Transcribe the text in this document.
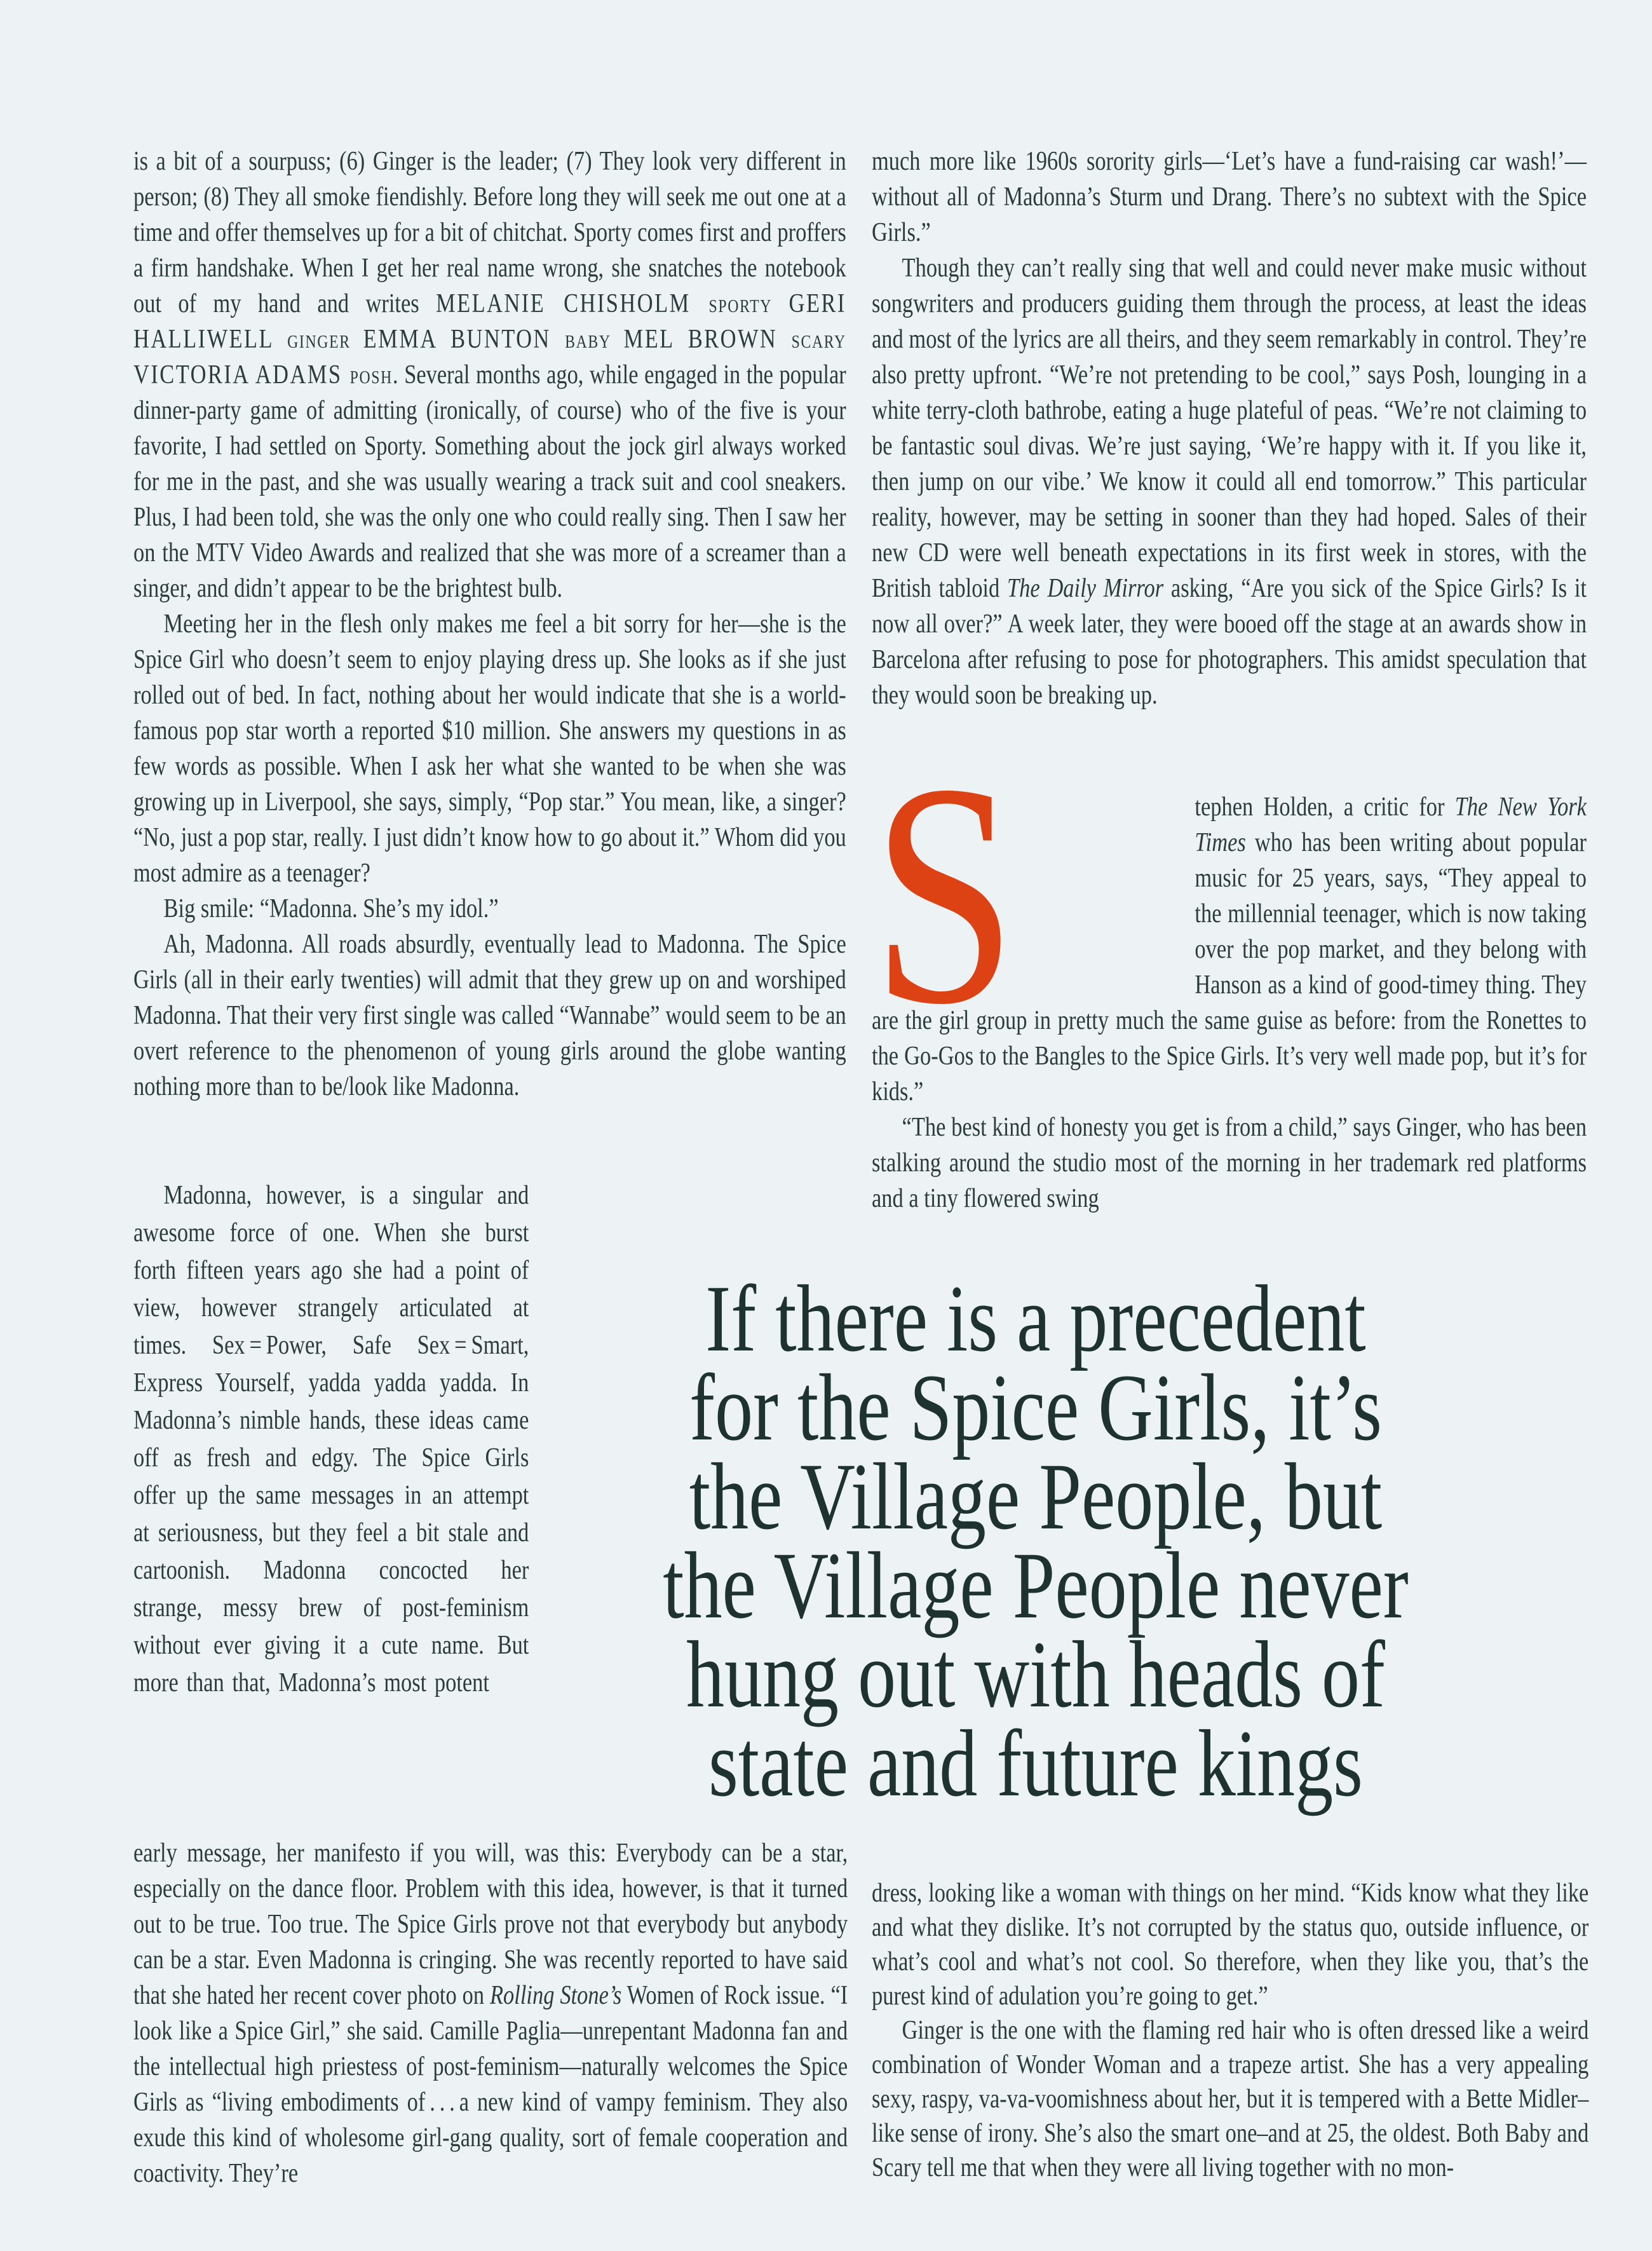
is a bit of a sourpuss; (6) Ginger is the leader; (7) They look very different in person; (8) They all smoke fiendishly. Before long they will seek me out one at a time and offer themselves up for a bit of chitchat. Sporty comes first and proffers a firm handshake. When I get her real name wrong, she snatches the notebook out of my hand and writes MELANIE CHISHOLM sporty GERI HALLIWELL ginger EMMA BUNTON baby MEL BROWN scary VICTORIA ADAMS posh. Several months ago, while engaged in the popular dinner-party game of admitting (ironically, of course) who of the five is your favorite, I had settled on Sporty. Something about the jock girl always worked for me in the past, and she was usually wearing a track suit and cool sneakers. Plus, I had been told, she was the only one who could really sing. Then I saw her on the MTV Video Awards and realized that she was more of a screamer than a singer, and didn’t appear to be the brightest bulb.

Meeting her in the flesh only makes me feel a bit sorry for her—she is the Spice Girl who doesn’t seem to enjoy playing dress up. She looks as if she just rolled out of bed. In fact, nothing about her would indicate that she is a world-famous pop star worth a reported $10 million. She answers my questions in as few words as possible. When I ask her what she wanted to be when she was growing up in Liverpool, she says, simply, “Pop star.” You mean, like, a singer? “No, just a pop star, really. I just didn’t know how to go about it.” Whom did you most admire as a teenager?

Big smile: “Madonna. She’s my idol.”

Ah, Madonna. All roads absurdly, eventually lead to Madonna. The Spice Girls (all in their early twenties) will admit that they grew up on and worshiped Madonna. That their very first single was called “Wannabe” would seem to be an overt reference to the phenomenon of young girls around the globe wanting nothing more than to be/look like Madonna.

Madonna, however, is a singular and awesome force of one. When she burst forth fifteen years ago she had a point of view, however strangely articulated at times. Sex = Power, Safe Sex = Smart, Express Yourself, yadda yadda yadda. In Madonna’s nimble hands, these ideas came off as fresh and edgy. The Spice Girls offer up the same messages in an attempt at seriousness, but they feel a bit stale and cartoonish. Madonna concocted her strange, messy brew of post-feminism without ever giving it a cute name. But more than that, Madonna’s most potent

early message, her manifesto if you will, was this: Everybody can be a star, especially on the dance floor. Problem with this idea, however, is that it turned out to be true. Too true. The Spice Girls prove not that everybody but anybody can be a star. Even Madonna is cringing. She was recently reported to have said that she hated her recent cover photo on Rolling Stone’s Women of Rock issue. “I look like a Spice Girl,” she said. Camille Paglia—unrepentant Madonna fan and the intellectual high priestess of post-feminism—naturally welcomes the Spice Girls as “living embodiments of . . . a new kind of vampy feminism. They also exude this kind of wholesome girl-gang quality, sort of female cooperation and coactivity. They’re

much more like 1960s sorority girls—‘Let’s have a fund-raising car wash!’—without all of Madonna’s Sturm und Drang. There’s no subtext with the Spice Girls.”

Though they can’t really sing that well and could never make music without songwriters and producers guiding them through the process, at least the ideas and most of the lyrics are all theirs, and they seem remarkably in control. They’re also pretty upfront. “We’re not pretending to be cool,” says Posh, lounging in a white terry-cloth bathrobe, eating a huge plateful of peas. “We’re not claiming to be fantastic soul divas. We’re just saying, ‘We’re happy with it. If you like it, then jump on our vibe.’ We know it could all end tomorrow.” This particular reality, however, may be setting in sooner than they had hoped. Sales of their new CD were well beneath expectations in its first week in stores, with the British tabloid The Daily Mirror asking, “Are you sick of the Spice Girls? Is it now all over?” A week later, they were booed off the stage at an awards show in Barcelona after refusing to pose for photographers. This amidst speculation that they would soon be breaking up.

S	tephen Holden, a critic for The New York Times who has been writing about popular music for 25 years, says, “They appeal to the millennial teenager, which is now taking over the pop market, and they belong with Hanson as a kind of good-timey thing. They are the girl group in pretty much the same guise as before: from the Ronettes to the Go-Gos to the Bangles to the Spice Girls. It’s very well made pop, but it’s for kids.”

“The best kind of honesty you get is from a child,” says Ginger, who has been stalking around the studio most of the morning in her trademark red platforms and a tiny flowered swing

If there is a precedent
for the Spice Girls, it’s
the Village People, but
the Village People never
hung out with heads of
state and future kings

dress, looking like a woman with things on her mind. “Kids know what they like and what they dislike. It’s not corrupted by the status quo, outside influence, or what’s cool and what’s not cool. So therefore, when they like you, that’s the purest kind of adulation you’re going to get.”

Ginger is the one with the flaming red hair who is often dressed like a weird combination of Wonder Woman and a trapeze artist. She has a very appealing sexy, raspy, va-va-voomishness about her, but it is tempered with a Bette Midler–like sense of irony. She’s also the smart one–and at 25, the oldest. Both Baby and Scary tell me that when they were all living together with no mon-
